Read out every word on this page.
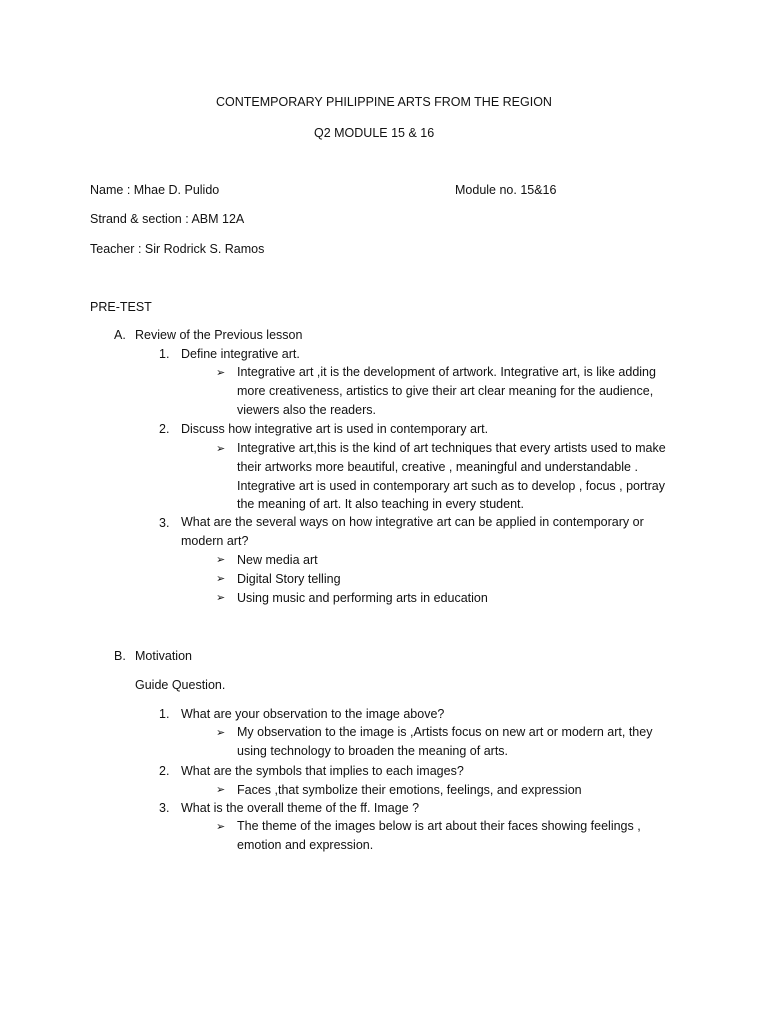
CONTEMPORARY PHILIPPINE ARTS FROM THE REGION
Q2 MODULE 15 & 16
Name : Mhae D. Pulido	Module no. 15&16
Strand & section : ABM 12A
Teacher : Sir Rodrick S. Ramos
PRE-TEST
A. Review of the Previous lesson
1. Define integrative art.
➢ Integrative art ,it is the development of artwork. Integrative art, is like adding more creativeness, artistics to give their art clear meaning for the audience, viewers also the readers.
2. Discuss how integrative art is used in contemporary art.
➢ Integrative art,this is the kind of art techniques that every artists used to make their artworks more beautiful, creative , meaningful and understandable . Integrative art is used in contemporary art such as to develop , focus , portray the meaning of art. It also teaching in every student.
3. What are the several ways on how integrative art can be applied in contemporary or modern art?
➢ New media art
➢ Digital Story telling
➢ Using music and performing arts in education
B. Motivation
Guide Question.
1. What are your observation to the image above?
➢ My observation to the image is ,Artists focus on new art or modern art, they using technology to broaden the meaning of arts.
2. What are the symbols that implies to each images?
➢ Faces ,that symbolize their emotions, feelings, and expression
3. What is the overall theme of the ff. Image ?
➢ The theme of the images below is art about their faces showing feelings , emotion and expression.
